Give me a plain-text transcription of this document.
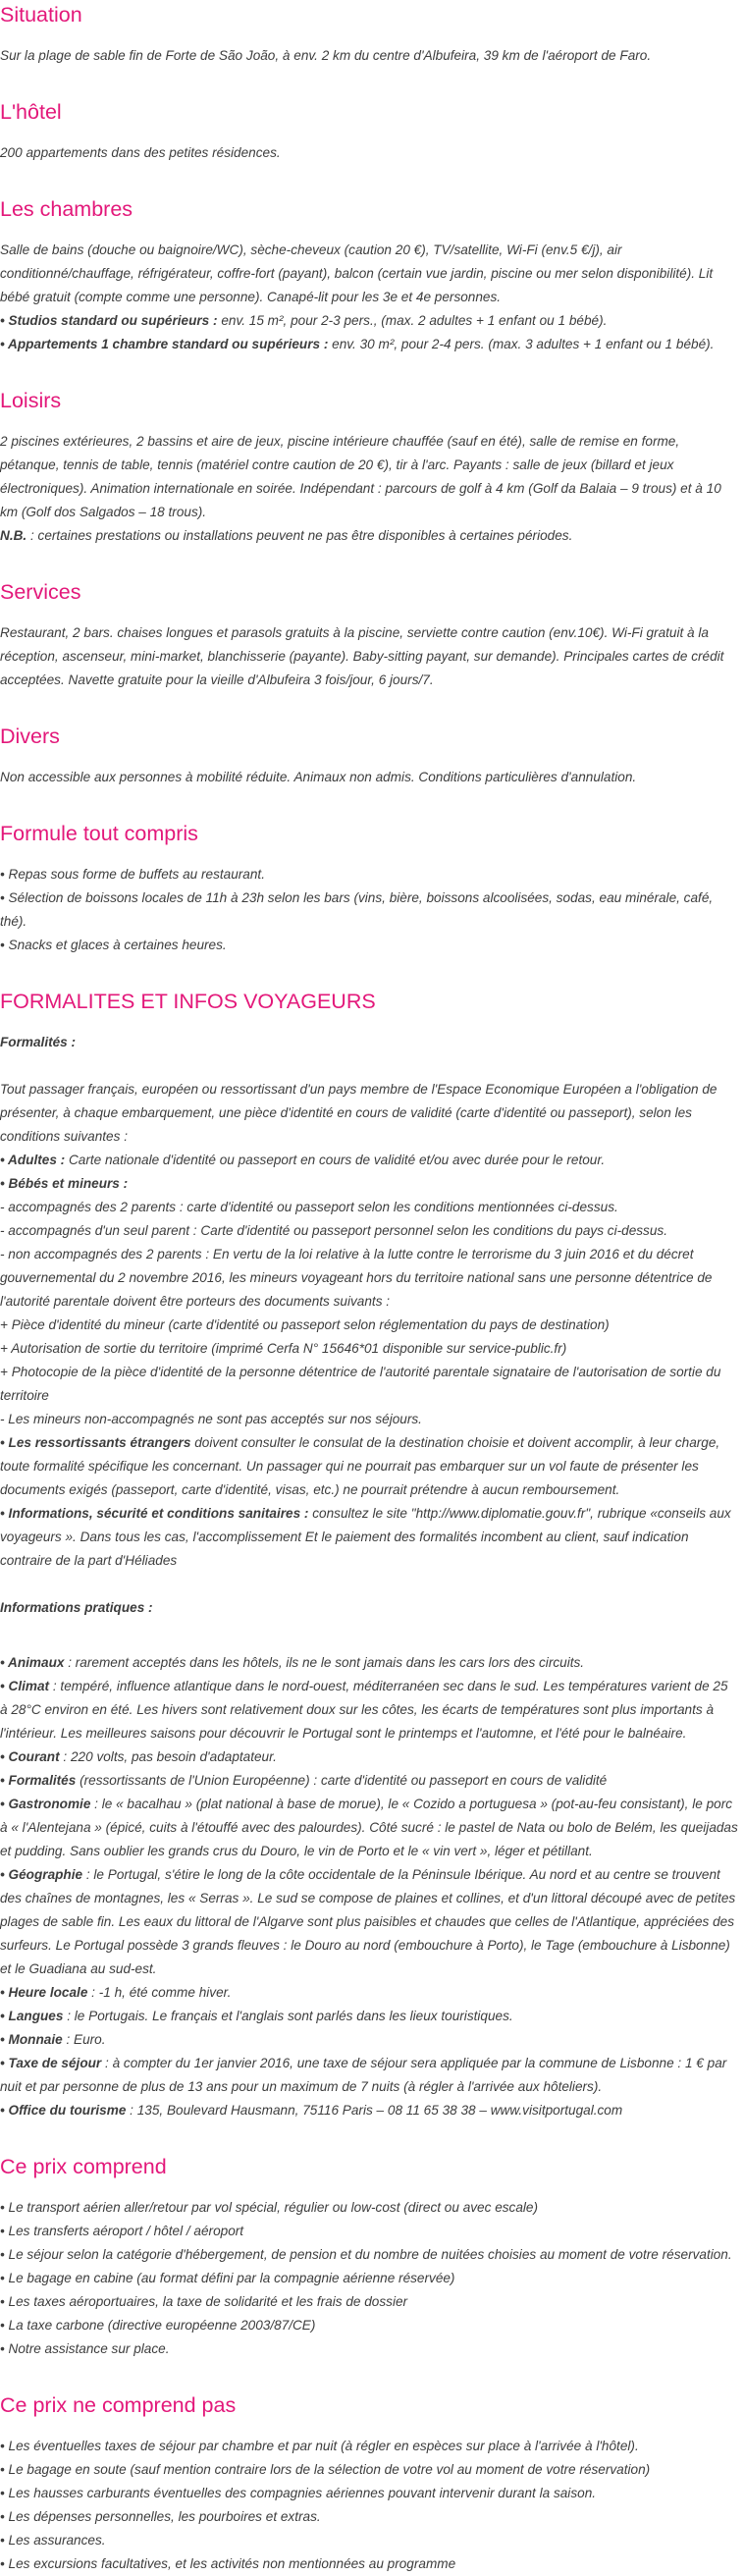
Situation

Sur la plage de sable fin de Forte de São João, à env. 2 km du centre d'Albufeira, 39 km de l'aéroport de Faro.

L'hôtel

200 appartements dans des petites résidences.

Les chambres

Salle de bains (douche ou baignoire/WC), sèche-cheveux (caution 20 €), TV/satellite, Wi-Fi (env.5 €/j), air conditionné/chauffage, réfrigérateur, coffre-fort (payant), balcon (certain vue jardin, piscine ou mer selon disponibilité). Lit bébé gratuit (compte comme une personne). Canapé-lit pour les 3e et 4e personnes.

• Studios standard ou supérieurs : env. 15 m², pour 2-3 pers., (max. 2 adultes + 1 enfant ou 1 bébé).
• Appartements 1 chambre standard ou supérieurs : env. 30 m², pour 2-4 pers. (max. 3 adultes + 1 enfant ou 1 bébé).
Loisirs

2 piscines extérieures, 2 bassins et aire de jeux, piscine intérieure chauffée (sauf en été), salle de remise en forme, pétanque, tennis de table, tennis (matériel contre caution de 20 €), tir à l'arc. Payants : salle de jeux (billard et jeux électroniques). Animation internationale en soirée. Indépendant : parcours de golf à 4 km (Golf da Balaia – 9 trous) et à 10 km (Golf dos Salgados – 18 trous).

N.B. : certaines prestations ou installations peuvent ne pas être disponibles à certaines périodes.
Services

Restaurant, 2 bars. chaises longues et parasols gratuits à la piscine, serviette contre caution (env.10€). Wi-Fi gratuit à la réception, ascenseur, mini-market, blanchisserie (payante). Baby-sitting payant, sur demande). Principales cartes de crédit acceptées. Navette gratuite pour la vieille d'Albufeira 3 fois/jour, 6 jours/7.

Divers

Non accessible aux personnes à mobilité réduite. Animaux non admis. Conditions particulières d'annulation.

Formule tout compris
• Repas sous forme de buffets au restaurant.
• Sélection de boissons locales de 11h à 23h selon les bars (vins, bière, boissons alcoolisées, sodas, eau minérale, café, thé).
• Snacks et glaces à certaines heures.
FORMALITES ET INFOS VOYAGEURS
Formalités :

Tout passager français, européen ou ressortissant d'un pays membre de l'Espace Economique Européen a l'obligation de présenter, à chaque embarquement, une pièce d'identité en cours de validité (carte d'identité ou passeport), selon les conditions suivantes :

• Adultes : Carte nationale d'identité ou passeport en cours de validité et/ou avec durée pour le retour.
• Bébés et mineurs :
- accompagnés des 2 parents : carte d'identité ou passeport selon les conditions mentionnées ci-dessus.
- accompagnés d'un seul parent : Carte d'identité ou passeport personnel selon les conditions du pays ci-dessus.
- non accompagnés des 2 parents : En vertu de la loi relative à la lutte contre le terrorisme du 3 juin 2016 et du décret gouvernemental du 2 novembre 2016, les mineurs voyageant hors du territoire national sans une personne détentrice de l'autorité parentale doivent être porteurs des documents suivants :
+ Pièce d'identité du mineur (carte d'identité ou passeport selon réglementation du pays de destination)
+ Autorisation de sortie du territoire (imprimé Cerfa N° 15646*01 disponible sur service-public.fr)
+ Photocopie de la pièce d'identité de la personne détentrice de l'autorité parentale signataire de l'autorisation de sortie du territoire
- Les mineurs non-accompagnés ne sont pas acceptés sur nos séjours.
• Les ressortissants étrangers doivent consulter le consulat de la destination choisie et doivent accomplir, à leur charge, toute formalité spécifique les concernant. Un passager qui ne pourrait pas embarquer sur un vol faute de présenter les documents exigés (passeport, carte d'identité, visas, etc.) ne pourrait prétendre à aucun remboursement.
• Informations, sécurité et conditions sanitaires : consultez le site "http://www.diplomatie.gouv.fr", rubrique «conseils aux voyageurs ». Dans tous les cas, l'accomplissement Et le paiement des formalités incombent au client, sauf indication contraire de la part d'Héliades
Informations pratiques :
• Animaux : rarement acceptés dans les hôtels, ils ne le sont jamais dans les cars lors des circuits.
• Climat : tempéré, influence atlantique dans le nord-ouest, méditerranéen sec dans le sud. Les températures varient de 25 à 28°C environ en été. Les hivers sont relativement doux sur les côtes, les écarts de températures sont plus importants à l'intérieur. Les meilleures saisons pour découvrir le Portugal sont le printemps et l'automne, et l'été pour le balnéaire.
• Courant : 220 volts, pas besoin d'adaptateur.
• Formalités (ressortissants de l'Union Européenne) : carte d'identité ou passeport en cours de validité
• Gastronomie : le « bacalhau » (plat national à base de morue), le « Cozido a portuguesa » (pot-au-feu consistant), le porc à « l'Alentejana » (épicé, cuits à l'étouffé avec des palourdes). Côté sucré : le pastel de Nata ou bolo de Belém, les queijadas et pudding. Sans oublier les grands crus du Douro, le vin de Porto et le « vin vert », léger et pétillant.
• Géographie : le Portugal, s'étire le long de la côte occidentale de la Péninsule Ibérique. Au nord et au centre se trouvent des chaînes de montagnes, les « Serras ». Le sud se compose de plaines et collines, et d'un littoral découpé avec de petites plages de sable fin. Les eaux du littoral de l'Algarve sont plus paisibles et chaudes que celles de l'Atlantique, appréciées des surfeurs. Le Portugal possède 3 grands fleuves : le Douro au nord (embouchure à Porto), le Tage (embouchure à Lisbonne) et le Guadiana au sud-est.
• Heure locale : -1 h, été comme hiver.
• Langues : le Portugais. Le français et l'anglais sont parlés dans les lieux touristiques.
• Monnaie : Euro.
• Taxe de séjour : à compter du 1er janvier 2016, une taxe de séjour sera appliquée par la commune de Lisbonne : 1 € par nuit et par personne de plus de 13 ans pour un maximum de 7 nuits (à régler à l'arrivée aux hôteliers).
• Office du tourisme : 135, Boulevard Hausmann, 75116 Paris – 08 11 65 38 38 – www.visitportugal.com
Ce prix comprend
• Le transport aérien aller/retour par vol spécial, régulier ou low-cost (direct ou avec escale)
• Les transferts aéroport / hôtel / aéroport
• Le séjour selon la catégorie d'hébergement, de pension et du nombre de nuitées choisies au moment de votre réservation.
• Le bagage en cabine (au format défini par la compagnie aérienne réservée)
• Les taxes aéroportuaires, la taxe de solidarité et les frais de dossier
• La taxe carbone (directive européenne 2003/87/CE)
• Notre assistance sur place.
Ce prix ne comprend pas
• Les éventuelles taxes de séjour par chambre et par nuit (à régler en espèces sur place à l'arrivée à l'hôtel).
• Le bagage en soute (sauf mention contraire lors de la sélection de votre vol au moment de votre réservation)
• Les hausses carburants éventuelles des compagnies aériennes pouvant intervenir durant la saison.
• Les dépenses personnelles, les pourboires et extras.
• Les assurances.
• Les excursions facultatives, et les activités non mentionnées au programme
